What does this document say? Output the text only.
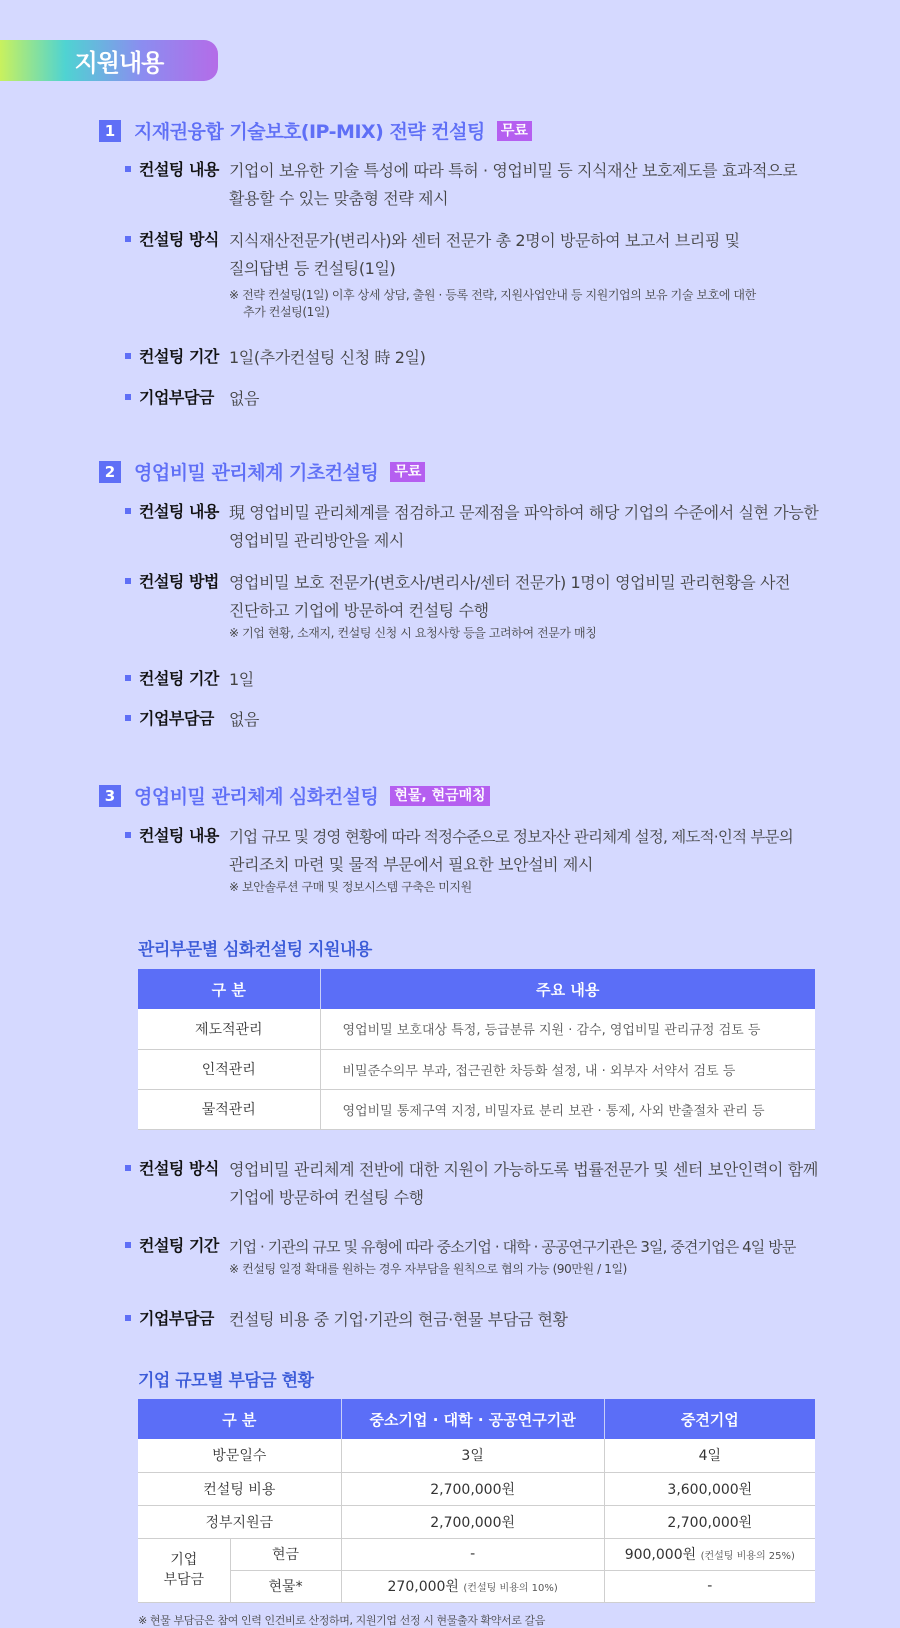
지원내용
1 지재권융합 기술보호(IP-MIX) 전략 컨설팅 무료
컨설팅 내용 기업이 보유한 기술 특성에 따라 특허 · 영업비밀 등 지식재산 보호제도를 효과적으로
활용할 수 있는 맞춤형 전략 제시
컨설팅 방식 지식재산전문가(변리사)와 센터 전문가 총 2명이 방문하여 보고서 브리핑 및
질의답변 등 컨설팅(1일)
※ 전략 컨설팅(1일) 이후 상세 상담, 출원 · 등록 전략, 지원사업안내 등 지원기업의 보유 기술 보호에 대한 추가 컨설팅(1일)
컨설팅 기간 1일(추가컨설팅 신청 時 2일)
기업부담금 없음
2 영업비밀 관리체계 기초컨설팅 무료
컨설팅 내용 現 영업비밀 관리체계를 점검하고 문제점을 파악하여 해당 기업의 수준에서 실현 가능한
영업비밀 관리방안을 제시
컨설팅 방법 영업비밀 보호 전문가(변호사/변리사/센터 전문가) 1명이 영업비밀 관리현황을 사전
진단하고 기업에 방문하여 컨설팅 수행
※ 기업 현황, 소재지, 컨설팅 신청 시 요청사항 등을 고려하여 전문가 매칭
컨설팅 기간 1일
기업부담금 없음
3 영업비밀 관리체계 심화컨설팅 현물, 현금매칭
컨설팅 내용 기업 규모 및 경영 현황에 따라 적정수준으로 정보자산 관리체계 설정, 제도적·인적 부문의
관리조치 마련 및 물적 부문에서 필요한 보안설비 제시
※ 보안솔루션 구매 및 정보시스템 구축은 미지원
관리부문별 심화컨설팅 지원내용
구 분	주요 내용
제도적관리	영업비밀 보호대상 특정, 등급분류 지원 · 감수, 영업비밀 관리규정 검토 등
인적관리	비밀준수의무 부과, 접근권한 차등화 설정, 내 · 외부자 서약서 검토 등
물적관리	영업비밀 통제구역 지정, 비밀자료 분리 보관 · 통제, 사외 반출절차 관리 등
컨설팅 방식 영업비밀 관리체계 전반에 대한 지원이 가능하도록 법률전문가 및 센터 보안인력이 함께
기업에 방문하여 컨설팅 수행
컨설팅 기간 기업 · 기관의 규모 및 유형에 따라 중소기업 · 대학 · 공공연구기관은 3일, 중견기업은 4일 방문
※ 컨설팅 일정 확대를 원하는 경우 자부담을 원칙으로 협의 가능 (90만원 / 1일)
기업부담금 컨설팅 비용 중 기업·기관의 현금·현물 부담금 현황
기업 규모별 부담금 현황
구 분		중소기업 · 대학 · 공공연구기관	중견기업
방문일수		3일	4일
컨설팅 비용		2,700,000원	3,600,000원
정부지원금		2,700,000원	2,700,000원

기업
부담금	현금	-	900,000원 (컨설팅 비용의 25%)
	현물*	270,000원 (컨설팅 비용의 10%)	-
※ 현물 부담금은 참여 인력 인건비로 산정하며, 지원기업 선정 시 현물출자 확약서로 갈음
